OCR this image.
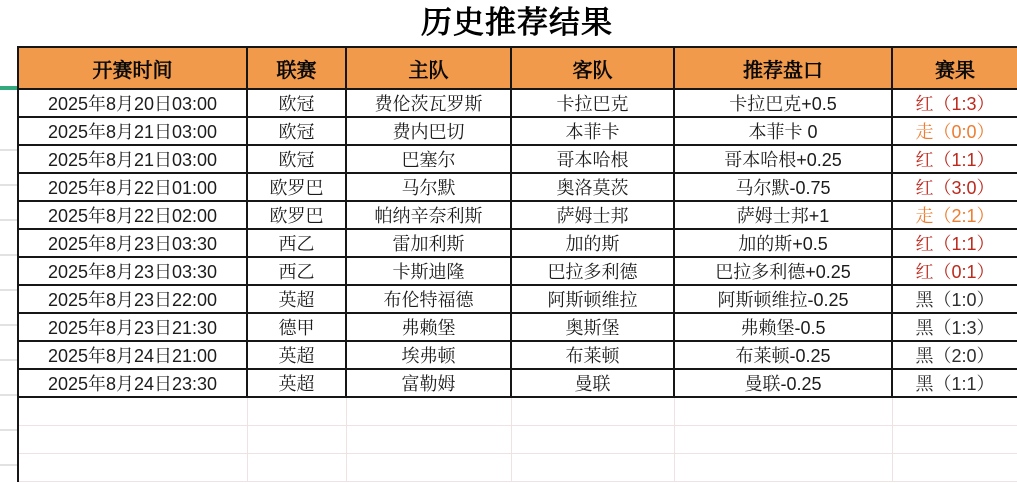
历史推荐结果
开赛时间	联赛	主队	客队	推荐盘口	赛果
2025年8月20日03:00	欧冠	费伦茨瓦罗斯	卡拉巴克	卡拉巴克+0.5	红（1:3）
2025年8月21日03:00	欧冠	费内巴切	本菲卡	本菲卡 0	走（0:0）
2025年8月21日03:00	欧冠	巴塞尔	哥本哈根	哥本哈根+0.25	红（1:1）
2025年8月22日01:00	欧罗巴	马尔默	奥洛莫茨	马尔默-0.75	红（3:0）
2025年8月22日02:00	欧罗巴	帕纳辛奈利斯	萨姆士邦	萨姆士邦+1	走（2:1）
2025年8月23日03:30	西乙	雷加利斯	加的斯	加的斯+0.5	红（1:1）
2025年8月23日03:30	西乙	卡斯迪隆	巴拉多利德	巴拉多利德+0.25	红（0:1）
2025年8月23日22:00	英超	布伦特福德	阿斯顿维拉	阿斯顿维拉-0.25	黑（1:0）
2025年8月23日21:30	德甲	弗赖堡	奥斯堡	弗赖堡-0.5	黑（1:3）
2025年8月24日21:00	英超	埃弗顿	布莱顿	布莱顿-0.25	黑（2:0）
2025年8月24日23:30	英超	富勒姆	曼联	曼联-0.25	黑（1:1）
